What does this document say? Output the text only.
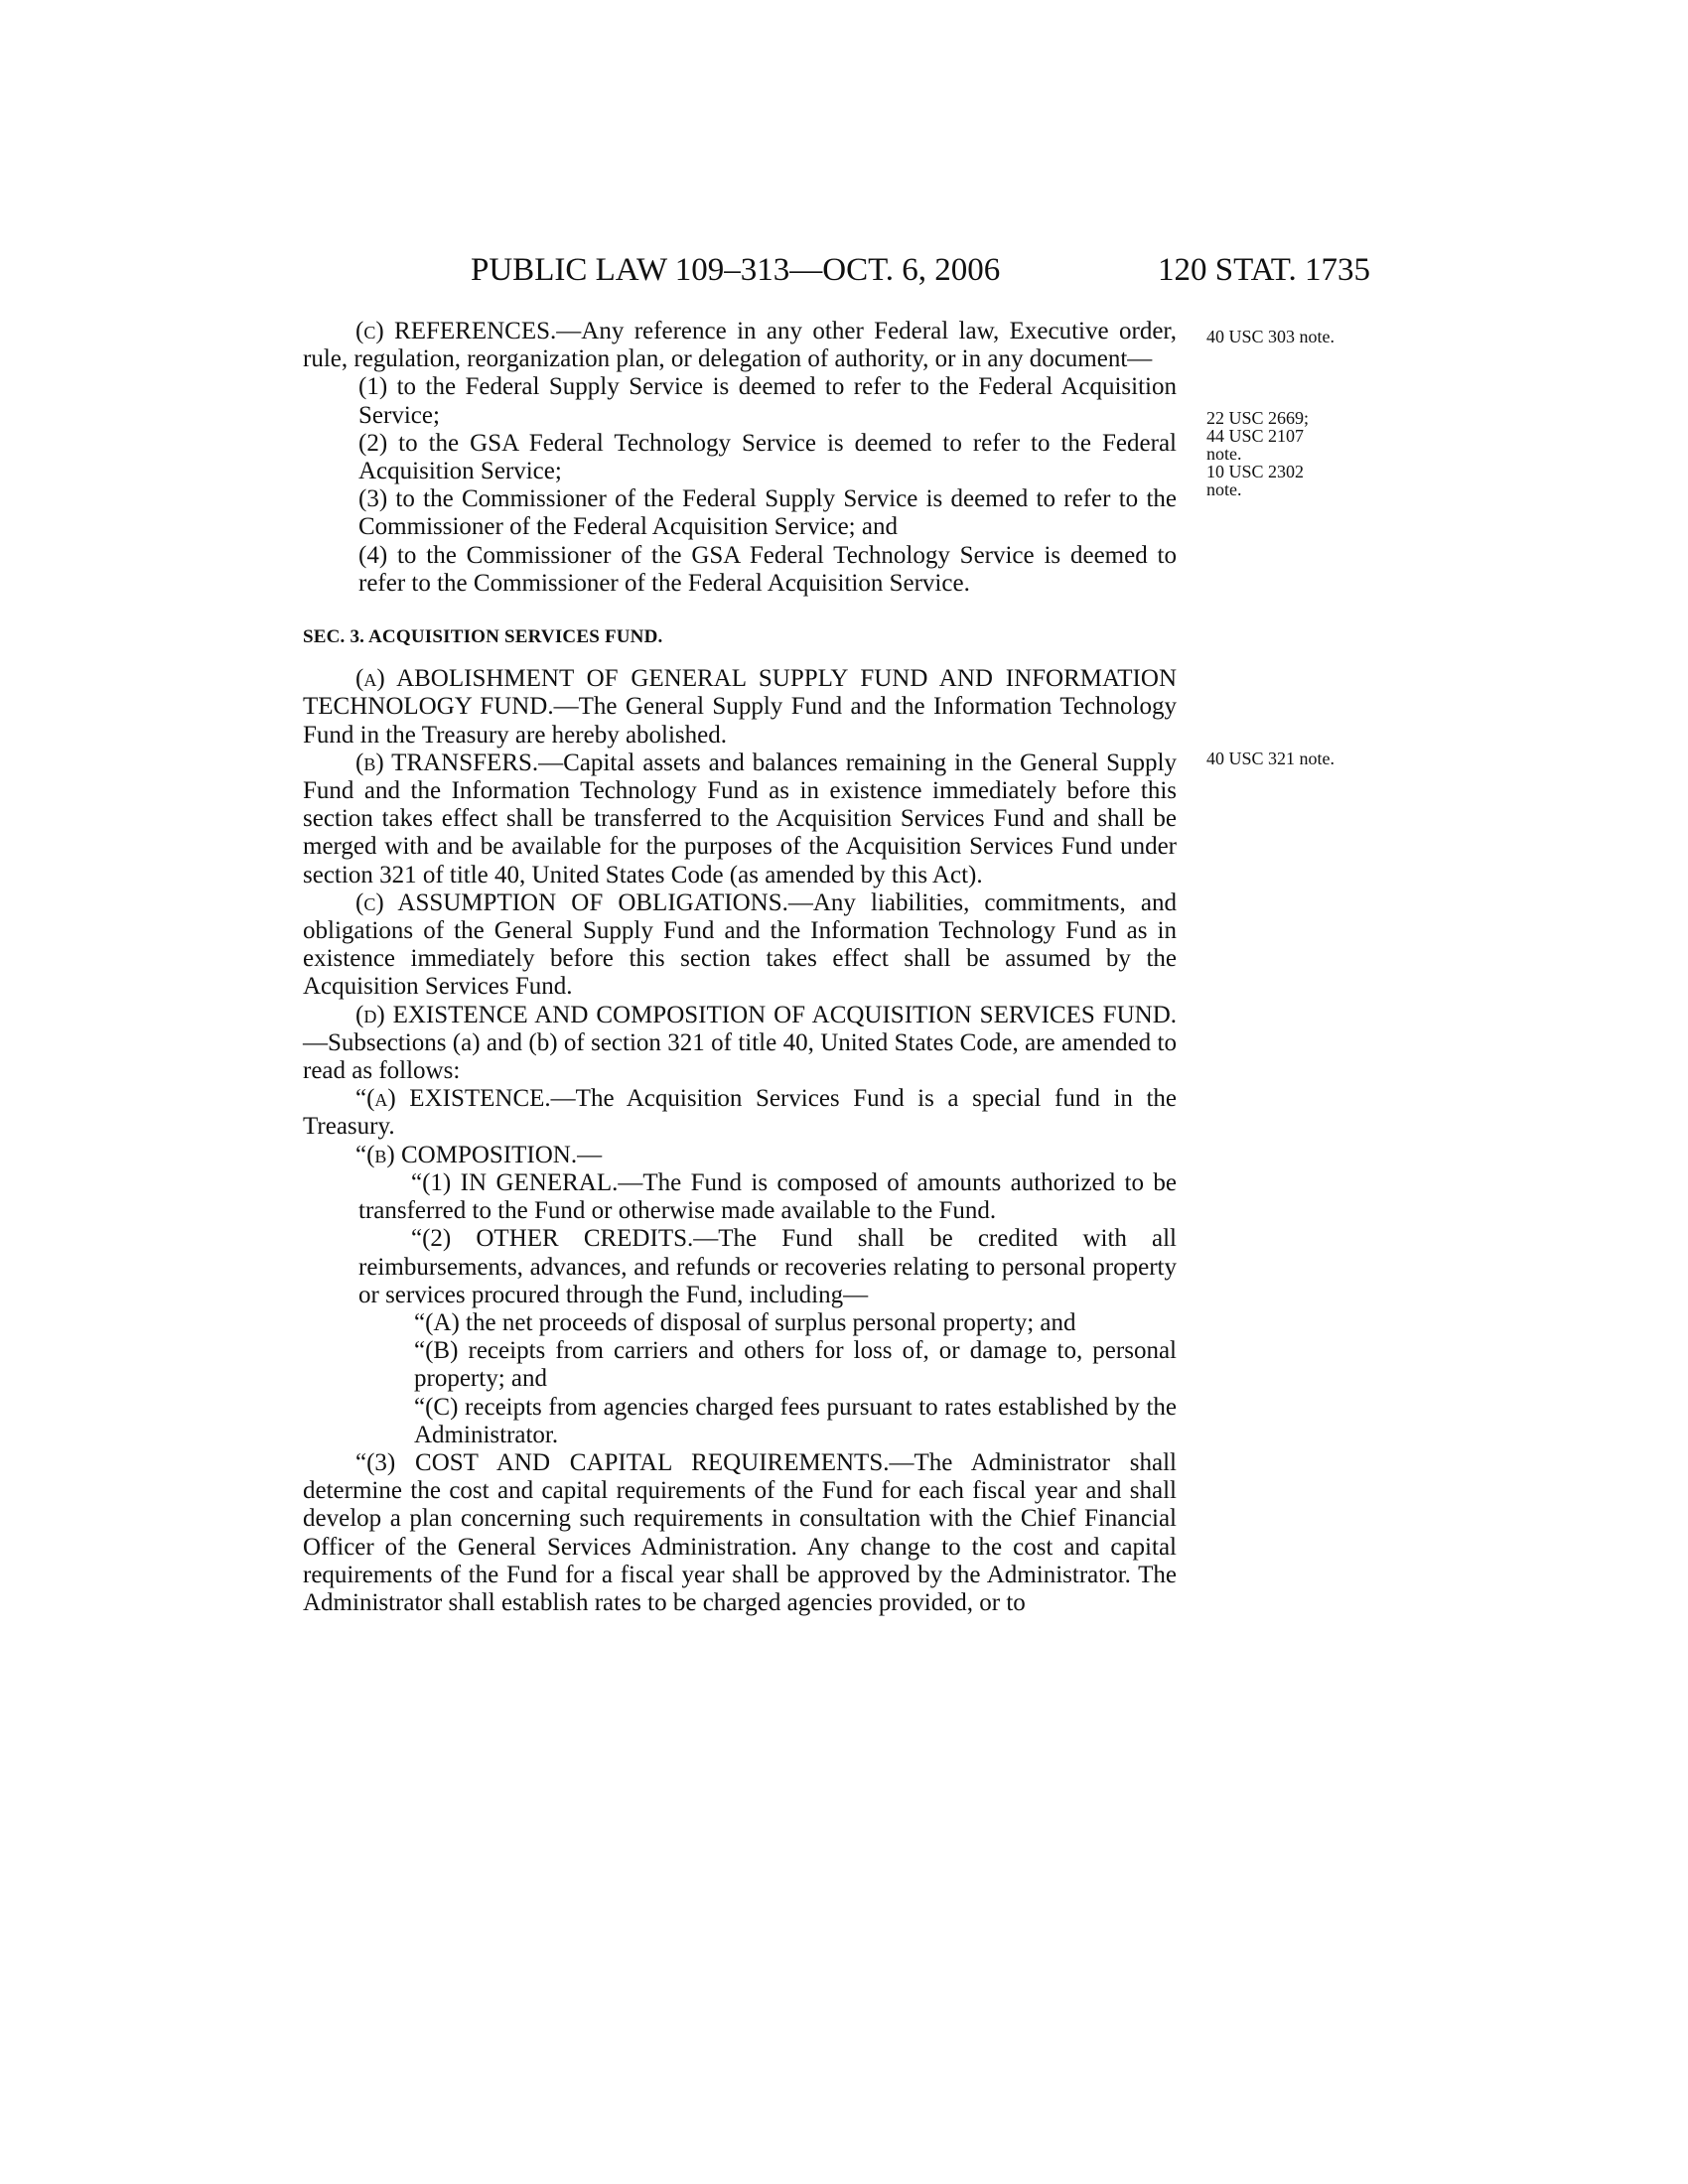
PUBLIC LAW 109–313—OCT. 6, 2006	120 STAT. 1735
40 USC 303 note.
22 USC 2669;
44 USC 2107
note.
10 USC 2302
note.
40 USC 321 note.

(c) REFERENCES.—Any reference in any other Federal law, Executive order, rule, regulation, reorganization plan, or delegation of authority, or in any document—

(1) to the Federal Supply Service is deemed to refer to the Federal Acquisition Service;

(2) to the GSA Federal Technology Service is deemed to refer to the Federal Acquisition Service;

(3) to the Commissioner of the Federal Supply Service is deemed to refer to the Commissioner of the Federal Acquisition Service; and

(4) to the Commissioner of the GSA Federal Technology Service is deemed to refer to the Commissioner of the Federal Acquisition Service.

SEC. 3. ACQUISITION SERVICES FUND.

(a) ABOLISHMENT OF GENERAL SUPPLY FUND AND INFORMATION TECHNOLOGY FUND.—The General Supply Fund and the Information Technology Fund in the Treasury are hereby abolished.

(b) TRANSFERS.—Capital assets and balances remaining in the General Supply Fund and the Information Technology Fund as in existence immediately before this section takes effect shall be transferred to the Acquisition Services Fund and shall be merged with and be available for the purposes of the Acquisition Services Fund under section 321 of title 40, United States Code (as amended by this Act).

(c) ASSUMPTION OF OBLIGATIONS.—Any liabilities, commitments, and obligations of the General Supply Fund and the Information Technology Fund as in existence immediately before this section takes effect shall be assumed by the Acquisition Services Fund.

(d) EXISTENCE AND COMPOSITION OF ACQUISITION SERVICES FUND.—Subsections (a) and (b) of section 321 of title 40, United States Code, are amended to read as follows:

“(a) EXISTENCE.—The Acquisition Services Fund is a special fund in the Treasury.

“(b) COMPOSITION.—

“(1) IN GENERAL.—The Fund is composed of amounts authorized to be transferred to the Fund or otherwise made available to the Fund.

“(2) OTHER CREDITS.—The Fund shall be credited with all reimbursements, advances, and refunds or recoveries relating to personal property or services procured through the Fund, including—

“(A) the net proceeds of disposal of surplus personal property; and

“(B) receipts from carriers and others for loss of, or damage to, personal property; and

“(C) receipts from agencies charged fees pursuant to rates established by the Administrator.

“(3) COST AND CAPITAL REQUIREMENTS.—The Administrator shall determine the cost and capital requirements of the Fund for each fiscal year and shall develop a plan concerning such requirements in consultation with the Chief Financial Officer of the General Services Administration. Any change to the cost and capital requirements of the Fund for a fiscal year shall be approved by the Administrator. The Administrator shall establish rates to be charged agencies provided, or to
